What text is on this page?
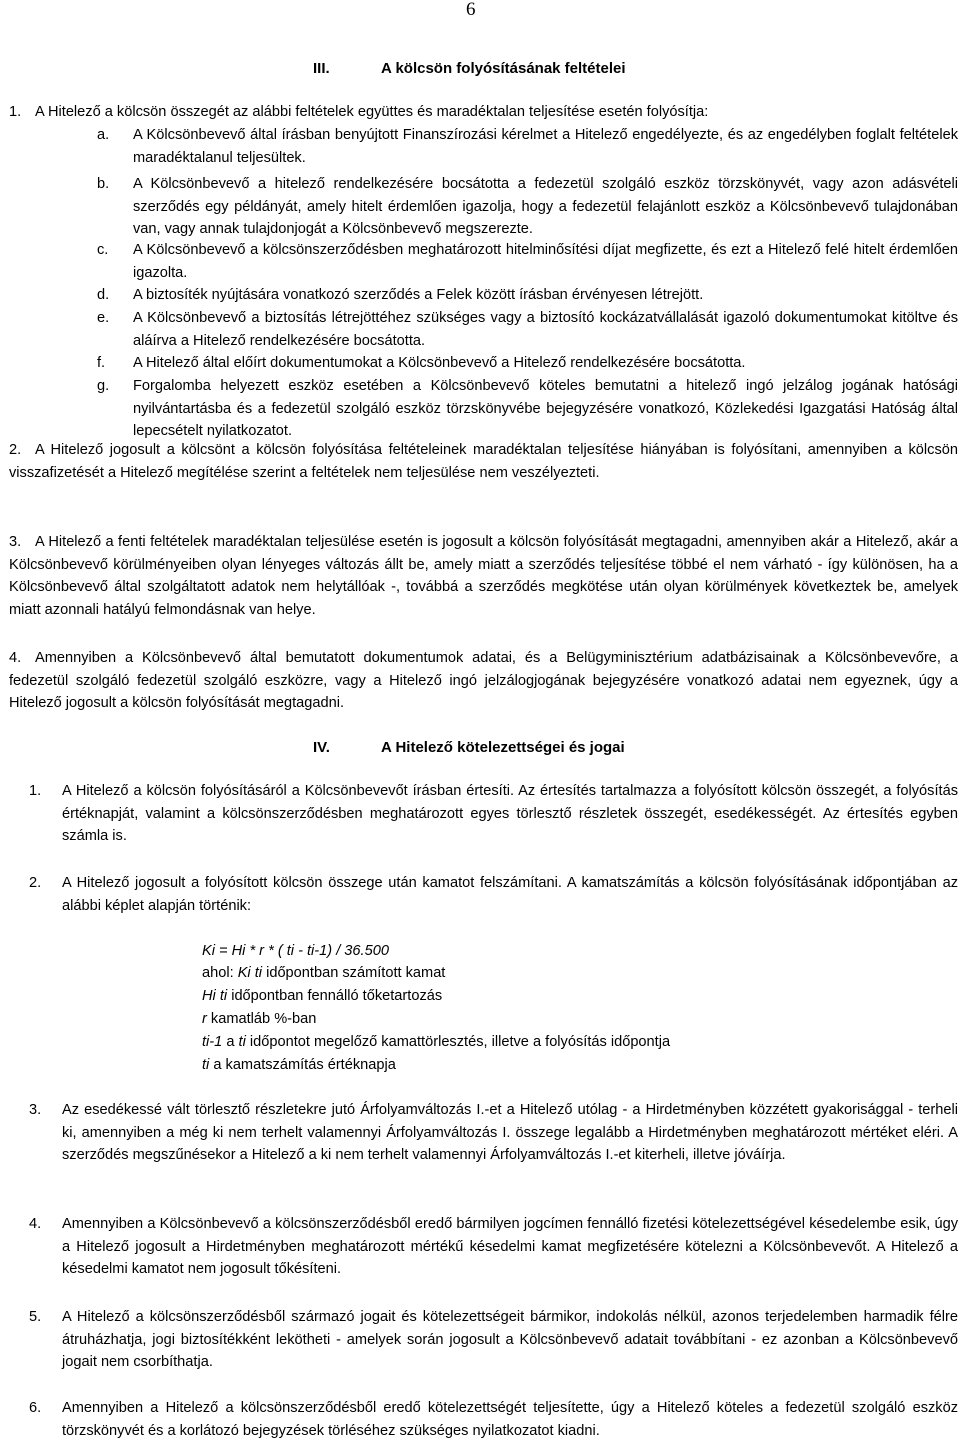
6
III.	A kölcsön folyósításának feltételei
1. A Hitelező a kölcsön összegét az alábbi feltételek együttes és maradéktalan teljesítése esetén folyósítja:
a. A Kölcsönbevevő által írásban benyújtott Finanszírozási kérelmet a Hitelező engedélyezte, és az engedélyben foglalt feltételek maradéktalanul teljesültek.
b. A Kölcsönbevevő a hitelező rendelkezésére bocsátotta a fedezetül szolgáló eszköz törzskönyvét, vagy azon adásvételi szerződés egy példányát, amely hitelt érdemlően igazolja, hogy a fedezetül felajánlott eszköz a Kölcsönbevevő tulajdonában van, vagy annak tulajdonjogát a Kölcsönbevevő megszerezte.
c. A Kölcsönbevevő a kölcsönszerződésben meghatározott hitelminősítési díjat megfizette, és ezt a Hitelező felé hitelt érdemlően igazolta.
d. A biztosíték nyújtására vonatkozó szerződés a Felek között írásban érvényesen létrejött.
e. A Kölcsönbevevő a biztosítás létrejöttéhez szükséges vagy a biztosító kockázatvállalását igazoló dokumentumokat kitöltve és aláírva a Hitelező rendelkezésére bocsátotta.
f. A Hitelező által előírt dokumentumokat a Kölcsönbevevő a Hitelező rendelkezésére bocsátotta.
g. Forgalomba helyezett eszköz esetében a Kölcsönbevevő köteles bemutatni a hitelező ingó jelzálog jogának hatósági nyilvántartásba és a fedezetül szolgáló eszköz törzskönyvébe bejegyzésére vonatkozó, Közlekedési Igazgatási Hatóság által lepecsételt nyilatkozatot.
2. A Hitelező jogosult a kölcsönt a kölcsön folyósítása feltételeinek maradéktalan teljesítése hiányában is folyósítani, amennyiben a kölcsön visszafizetését a Hitelező megítélése szerint a feltételek nem teljesülése nem veszélyezteti.
3. A Hitelező a fenti feltételek maradéktalan teljesülése esetén is jogosult a kölcsön folyósítását megtagadni, amennyiben akár a Hitelező, akár a Kölcsönbevevő körülményeiben olyan lényeges változás állt be, amely miatt a szerződés teljesítése többé el nem várható - így különösen, ha a Kölcsönbevevő által szolgáltatott adatok nem helytállóak -, továbbá a szerződés megkötése után olyan körülmények következtek be, amelyek miatt azonnali hatályú felmondásnak van helye.
4. Amennyiben a Kölcsönbevevő által bemutatott dokumentumok adatai, és a Belügyminisztérium adatbázisainak a Kölcsönbevevőre, a fedezetül szolgáló fedezetül szolgáló eszközre, vagy a Hitelező ingó jelzálogjogának bejegyzésére vonatkozó adatai nem egyeznek, úgy a Hitelező jogosult a kölcsön folyósítását megtagadni.
IV.	A Hitelező kötelezettségei és jogai
1. A Hitelező a kölcsön folyósításáról a Kölcsönbevevőt írásban értesíti. Az értesítés tartalmazza a folyósított kölcsön összegét, a folyósítás értéknapját, valamint a kölcsönszerződésben meghatározott egyes törlesztő részletek összegét, esedékességét. Az értesítés egyben számla is.
2. A Hitelező jogosult a folyósított kölcsön összege után kamatot felszámítani. A kamatszámítás a kölcsön folyósításának időpontjában az alábbi képlet alapján történik:
Ki = Hi * r * ( ti - ti-1) / 36.500
ahol: Ki ti időpontban számított kamat
Hi ti időpontban fennálló tőketartozás
r kamatláb %-ban
ti-1 a ti időpontot megelőző kamattörlesztés, illetve a folyósítás időpontja
ti a kamatszámítás értéknapja
3. Az esedékessé vált törlesztő részletekre jutó Árfolyamváltozás I.-et a Hitelező utólag - a Hirdetményben közzétett gyakorisággal - terheli ki, amennyiben a még ki nem terhelt valamennyi Árfolyamváltozás I. összege legalább a Hirdetményben meghatározott mértéket eléri. A szerződés megszűnésekor a Hitelező a ki nem terhelt valamennyi Árfolyamváltozás I.-et kiterheli, illetve jóváírja.
4. Amennyiben a Kölcsönbevevő a kölcsönszerződésből eredő bármilyen jogcímen fennálló fizetési kötelezettségével késedelembe esik, úgy a Hitelező jogosult a Hirdetményben meghatározott mértékű késedelmi kamat megfizetésére kötelezni a Kölcsönbevevőt. A Hitelező a késedelmi kamatot nem jogosult tőkésíteni.
5. A Hitelező a kölcsönszerződésből származó jogait és kötelezettségeit bármikor, indokolás nélkül, azonos terjedelemben harmadik félre átruházhatja, jogi biztosítékként lekötheti - amelyek során jogosult a Kölcsönbevevő adatait továbbítani - ez azonban a Kölcsönbevevő jogait nem csorbíthatja.
6. Amennyiben a Hitelező a kölcsönszerződésből eredő kötelezettségét teljesítette, úgy a Hitelező köteles a fedezetül szolgáló eszköz törzskönyvét és a korlátozó bejegyzések törléséhez szükséges nyilatkozatot kiadni.
